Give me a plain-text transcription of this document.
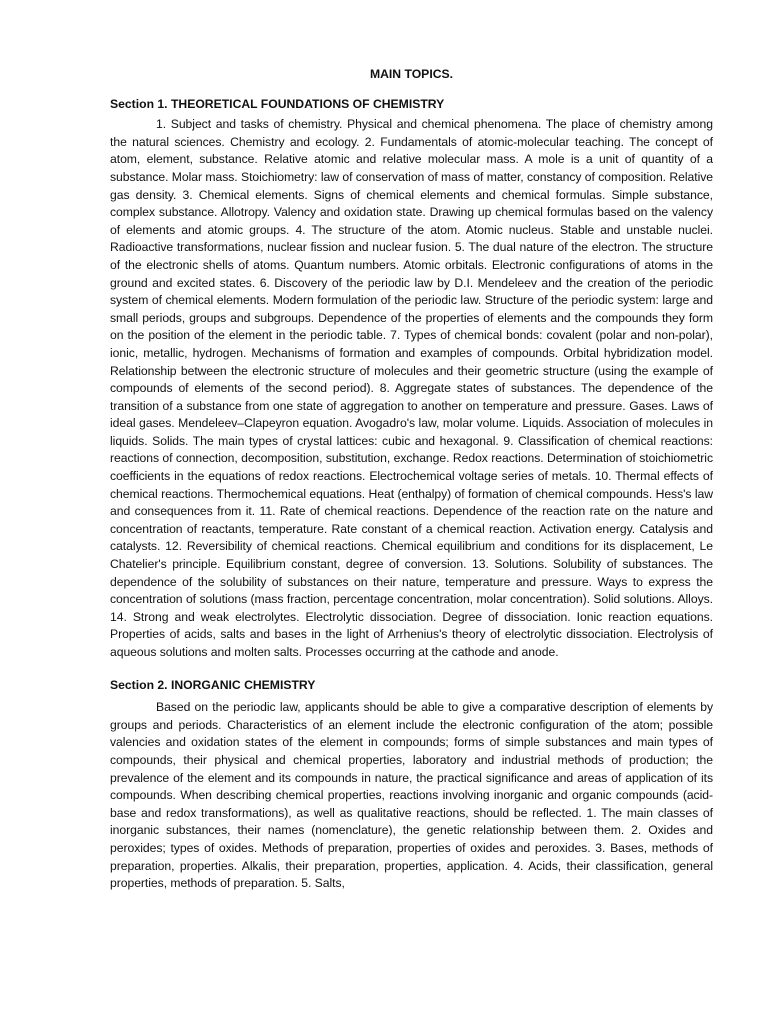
MAIN TOPICS.
Section 1. THEORETICAL FOUNDATIONS OF CHEMISTRY

1. Subject and tasks of chemistry. Physical and chemical phenomena. The place of chemistry among the natural sciences. Chemistry and ecology. 2. Fundamentals of atomic-molecular teaching. The concept of atom, element, substance. Relative atomic and relative molecular mass. A mole is a unit of quantity of a substance. Molar mass. Stoichiometry: law of conservation of mass of matter, constancy of composition. Relative gas density. 3. Chemical elements. Signs of chemical elements and chemical formulas. Simple substance, complex substance. Allotropy. Valency and oxidation state. Drawing up chemical formulas based on the valency of elements and atomic groups. 4. The structure of the atom. Atomic nucleus. Stable and unstable nuclei. Radioactive transformations, nuclear fission and nuclear fusion. 5. The dual nature of the electron. The structure of the electronic shells of atoms. Quantum numbers. Atomic orbitals. Electronic configurations of atoms in the ground and excited states. 6. Discovery of the periodic law by D.I. Mendeleev and the creation of the periodic system of chemical elements. Modern formulation of the periodic law. Structure of the periodic system: large and small periods, groups and subgroups. Dependence of the properties of elements and the compounds they form on the position of the element in the periodic table. 7. Types of chemical bonds: covalent (polar and non-polar), ionic, metallic, hydrogen. Mechanisms of formation and examples of compounds. Orbital hybridization model. Relationship between the electronic structure of molecules and their geometric structure (using the example of compounds of elements of the second period). 8. Aggregate states of substances. The dependence of the transition of a substance from one state of aggregation to another on temperature and pressure. Gases. Laws of ideal gases. Mendeleev–Clapeyron equation. Avogadro's law, molar volume. Liquids. Association of molecules in liquids. Solids. The main types of crystal lattices: cubic and hexagonal. 9. Classification of chemical reactions: reactions of connection, decomposition, substitution, exchange. Redox reactions. Determination of stoichiometric coefficients in the equations of redox reactions. Electrochemical voltage series of metals. 10. Thermal effects of chemical reactions. Thermochemical equations. Heat (enthalpy) of formation of chemical compounds. Hess's law and consequences from it. 11. Rate of chemical reactions. Dependence of the reaction rate on the nature and concentration of reactants, temperature. Rate constant of a chemical reaction. Activation energy. Catalysis and catalysts. 12. Reversibility of chemical reactions. Chemical equilibrium and conditions for its displacement, Le Chatelier's principle. Equilibrium constant, degree of conversion. 13. Solutions. Solubility of substances. The dependence of the solubility of substances on their nature, temperature and pressure. Ways to express the concentration of solutions (mass fraction, percentage concentration, molar concentration). Solid solutions. Alloys. 14. Strong and weak electrolytes. Electrolytic dissociation. Degree of dissociation. Ionic reaction equations. Properties of acids, salts and bases in the light of Arrhenius's theory of electrolytic dissociation. Electrolysis of aqueous solutions and molten salts. Processes occurring at the cathode and anode.

Section 2. INORGANIC CHEMISTRY

Based on the periodic law, applicants should be able to give a comparative description of elements by groups and periods. Characteristics of an element include the electronic configuration of the atom; possible valencies and oxidation states of the element in compounds; forms of simple substances and main types of compounds, their physical and chemical properties, laboratory and industrial methods of production; the prevalence of the element and its compounds in nature, the practical significance and areas of application of its compounds. When describing chemical properties, reactions involving inorganic and organic compounds (acid-base and redox transformations), as well as qualitative reactions, should be reflected. 1. The main classes of inorganic substances, their names (nomenclature), the genetic relationship between them. 2. Oxides and peroxides; types of oxides. Methods of preparation, properties of oxides and peroxides. 3. Bases, methods of preparation, properties. Alkalis, their preparation, properties, application. 4. Acids, their classification, general properties, methods of preparation. 5. Salts,
